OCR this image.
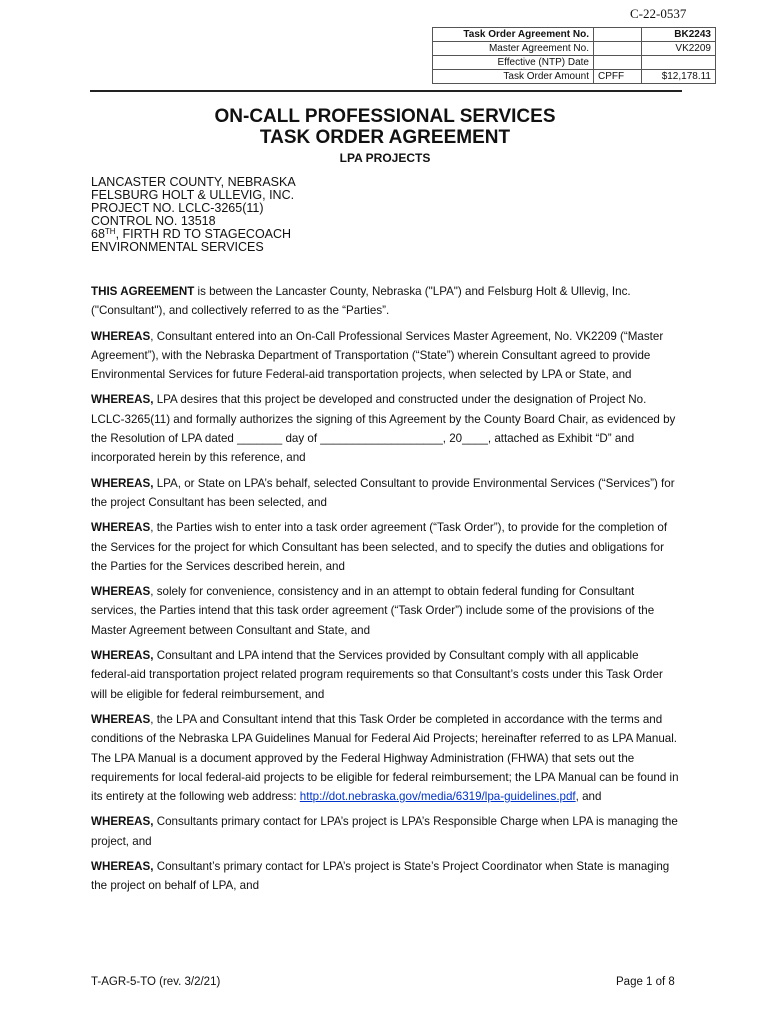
C-22-0537
Task Order Agreement No.		BK2243
Master Agreement No.		VK2209
Effective (NTP) Date		
Task Order Amount	CPFF	$12,178.11
ON-CALL PROFESSIONAL SERVICES
TASK ORDER AGREEMENT
LPA PROJECTS
LANCASTER COUNTY, NEBRASKA
FELSBURG HOLT & ULLEVIG, INC.
PROJECT NO. LCLC-3265(11)
CONTROL NO. 13518
68TH, FIRTH RD TO STAGECOACH
ENVIRONMENTAL SERVICES

THIS AGREEMENT is between the Lancaster County, Nebraska ("LPA") and Felsburg Holt & Ullevig, Inc. ("Consultant"), and collectively referred to as the “Parties”.

WHEREAS, Consultant entered into an On-Call Professional Services Master Agreement, No. VK2209 (“Master Agreement”), with the Nebraska Department of Transportation (“State”) wherein Consultant agreed to provide Environmental Services for future Federal-aid transportation projects, when selected by LPA or State, and

WHEREAS, LPA desires that this project be developed and constructed under the designation of Project No. LCLC-3265(11) and formally authorizes the signing of this Agreement by the County Board Chair, as evidenced by the Resolution of LPA dated _______ day of ___________________, 20____, attached as Exhibit “D” and incorporated herein by this reference, and

WHEREAS, LPA, or State on LPA’s behalf, selected Consultant to provide Environmental Services (“Services”) for the project Consultant has been selected, and

WHEREAS, the Parties wish to enter into a task order agreement (“Task Order”), to provide for the completion of the Services for the project for which Consultant has been selected, and to specify the duties and obligations for the Parties for the Services described herein, and

WHEREAS, solely for convenience, consistency and in an attempt to obtain federal funding for Consultant services, the Parties intend that this task order agreement (“Task Order”) include some of the provisions of the Master Agreement between Consultant and State, and

WHEREAS, Consultant and LPA intend that the Services provided by Consultant comply with all applicable federal-aid transportation project related program requirements so that Consultant’s costs under this Task Order will be eligible for federal reimbursement, and

WHEREAS, the LPA and Consultant intend that this Task Order be completed in accordance with the terms and conditions of the Nebraska LPA Guidelines Manual for Federal Aid Projects; hereinafter referred to as LPA Manual. The LPA Manual is a document approved by the Federal Highway Administration (FHWA) that sets out the requirements for local federal-aid projects to be eligible for federal reimbursement; the LPA Manual can be found in its entirety at the following web address: http://dot.nebraska.gov/media/6319/lpa-guidelines.pdf, and

WHEREAS, Consultants primary contact for LPA’s project is LPA’s Responsible Charge when LPA is managing the project, and

WHEREAS, Consultant’s primary contact for LPA’s project is State’s Project Coordinator when State is managing the project on behalf of LPA, and

T-AGR-5-TO (rev. 3/2/21)	Page 1 of 8
